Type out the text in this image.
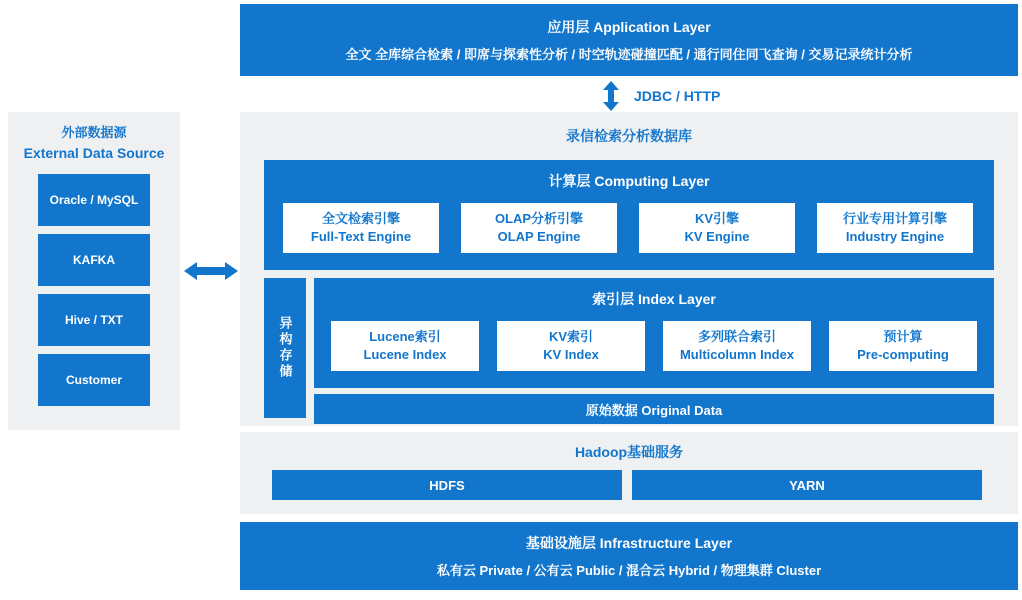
应用层 Application Layer
全文 全库综合检索 / 即席与探索性分析 / 时空轨迹碰撞匹配 / 通行同住同飞查询 / 交易记录统计分析
JDBC / HTTP
外部数据源
External Data Source
Oracle / MySQL
KAFKA
Hive / TXT
Customer
录信检索分析数据库
计算层 Computing Layer
全文检索引擎
Full-Text Engine
OLAP分析引擎
OLAP Engine
KV引擎
KV Engine
行业专用计算引擎
Industry Engine
异构存储
索引层 Index Layer
Lucene索引
Lucene Index
KV索引
KV Index
多列联合索引
Multicolumn Index
预计算
Pre-computing
原始数据 Original Data
Hadoop基础服务
HDFS	YARN
基础设施层 Infrastructure Layer
私有云 Private / 公有云 Public / 混合云 Hybrid / 物理集群 Cluster
